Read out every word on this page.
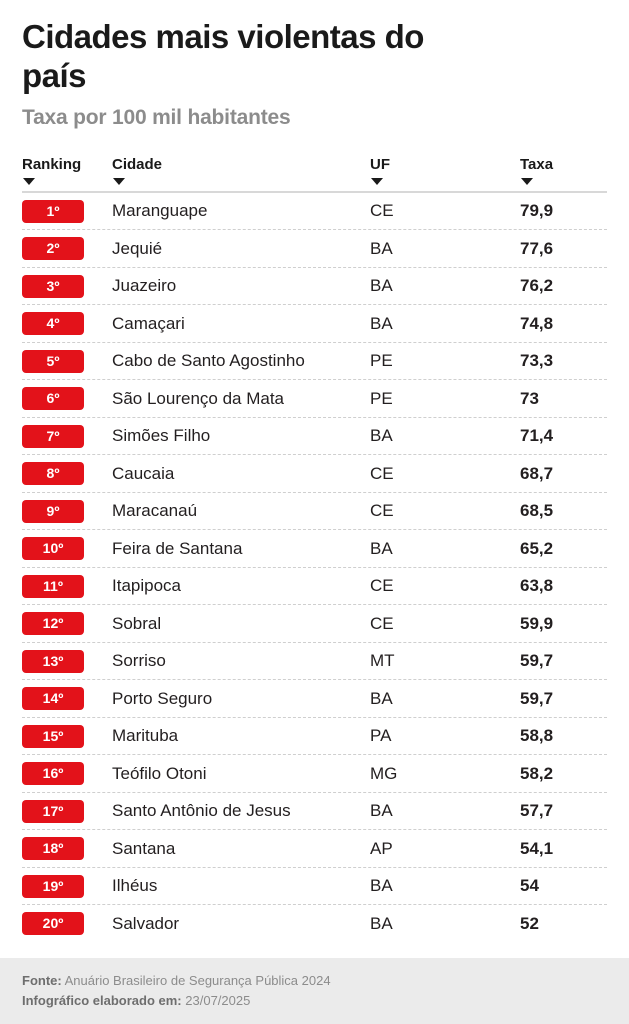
Cidades mais violentas do país
Taxa por 100 mil habitantes
Ranking	Cidade	UF	Taxa
1º	Maranguape	CE	79,9
2º	Jequié	BA	77,6
3º	Juazeiro	BA	76,2
4º	Camaçari	BA	74,8
5º	Cabo de Santo Agostinho	PE	73,3
6º	São Lourenço da Mata	PE	73
7º	Simões Filho	BA	71,4
8º	Caucaia	CE	68,7
9º	Maracanaú	CE	68,5
10º	Feira de Santana	BA	65,2
11º	Itapipoca	CE	63,8
12º	Sobral	CE	59,9
13º	Sorriso	MT	59,7
14º	Porto Seguro	BA	59,7
15º	Marituba	PA	58,8
16º	Teófilo Otoni	MG	58,2
17º	Santo Antônio de Jesus	BA	57,7
18º	Santana	AP	54,1
19º	Ilhéus	BA	54
20º	Salvador	BA	52
Fonte: Anuário Brasileiro de Segurança Pública 2024
Infográfico elaborado em: 23/07/2025
